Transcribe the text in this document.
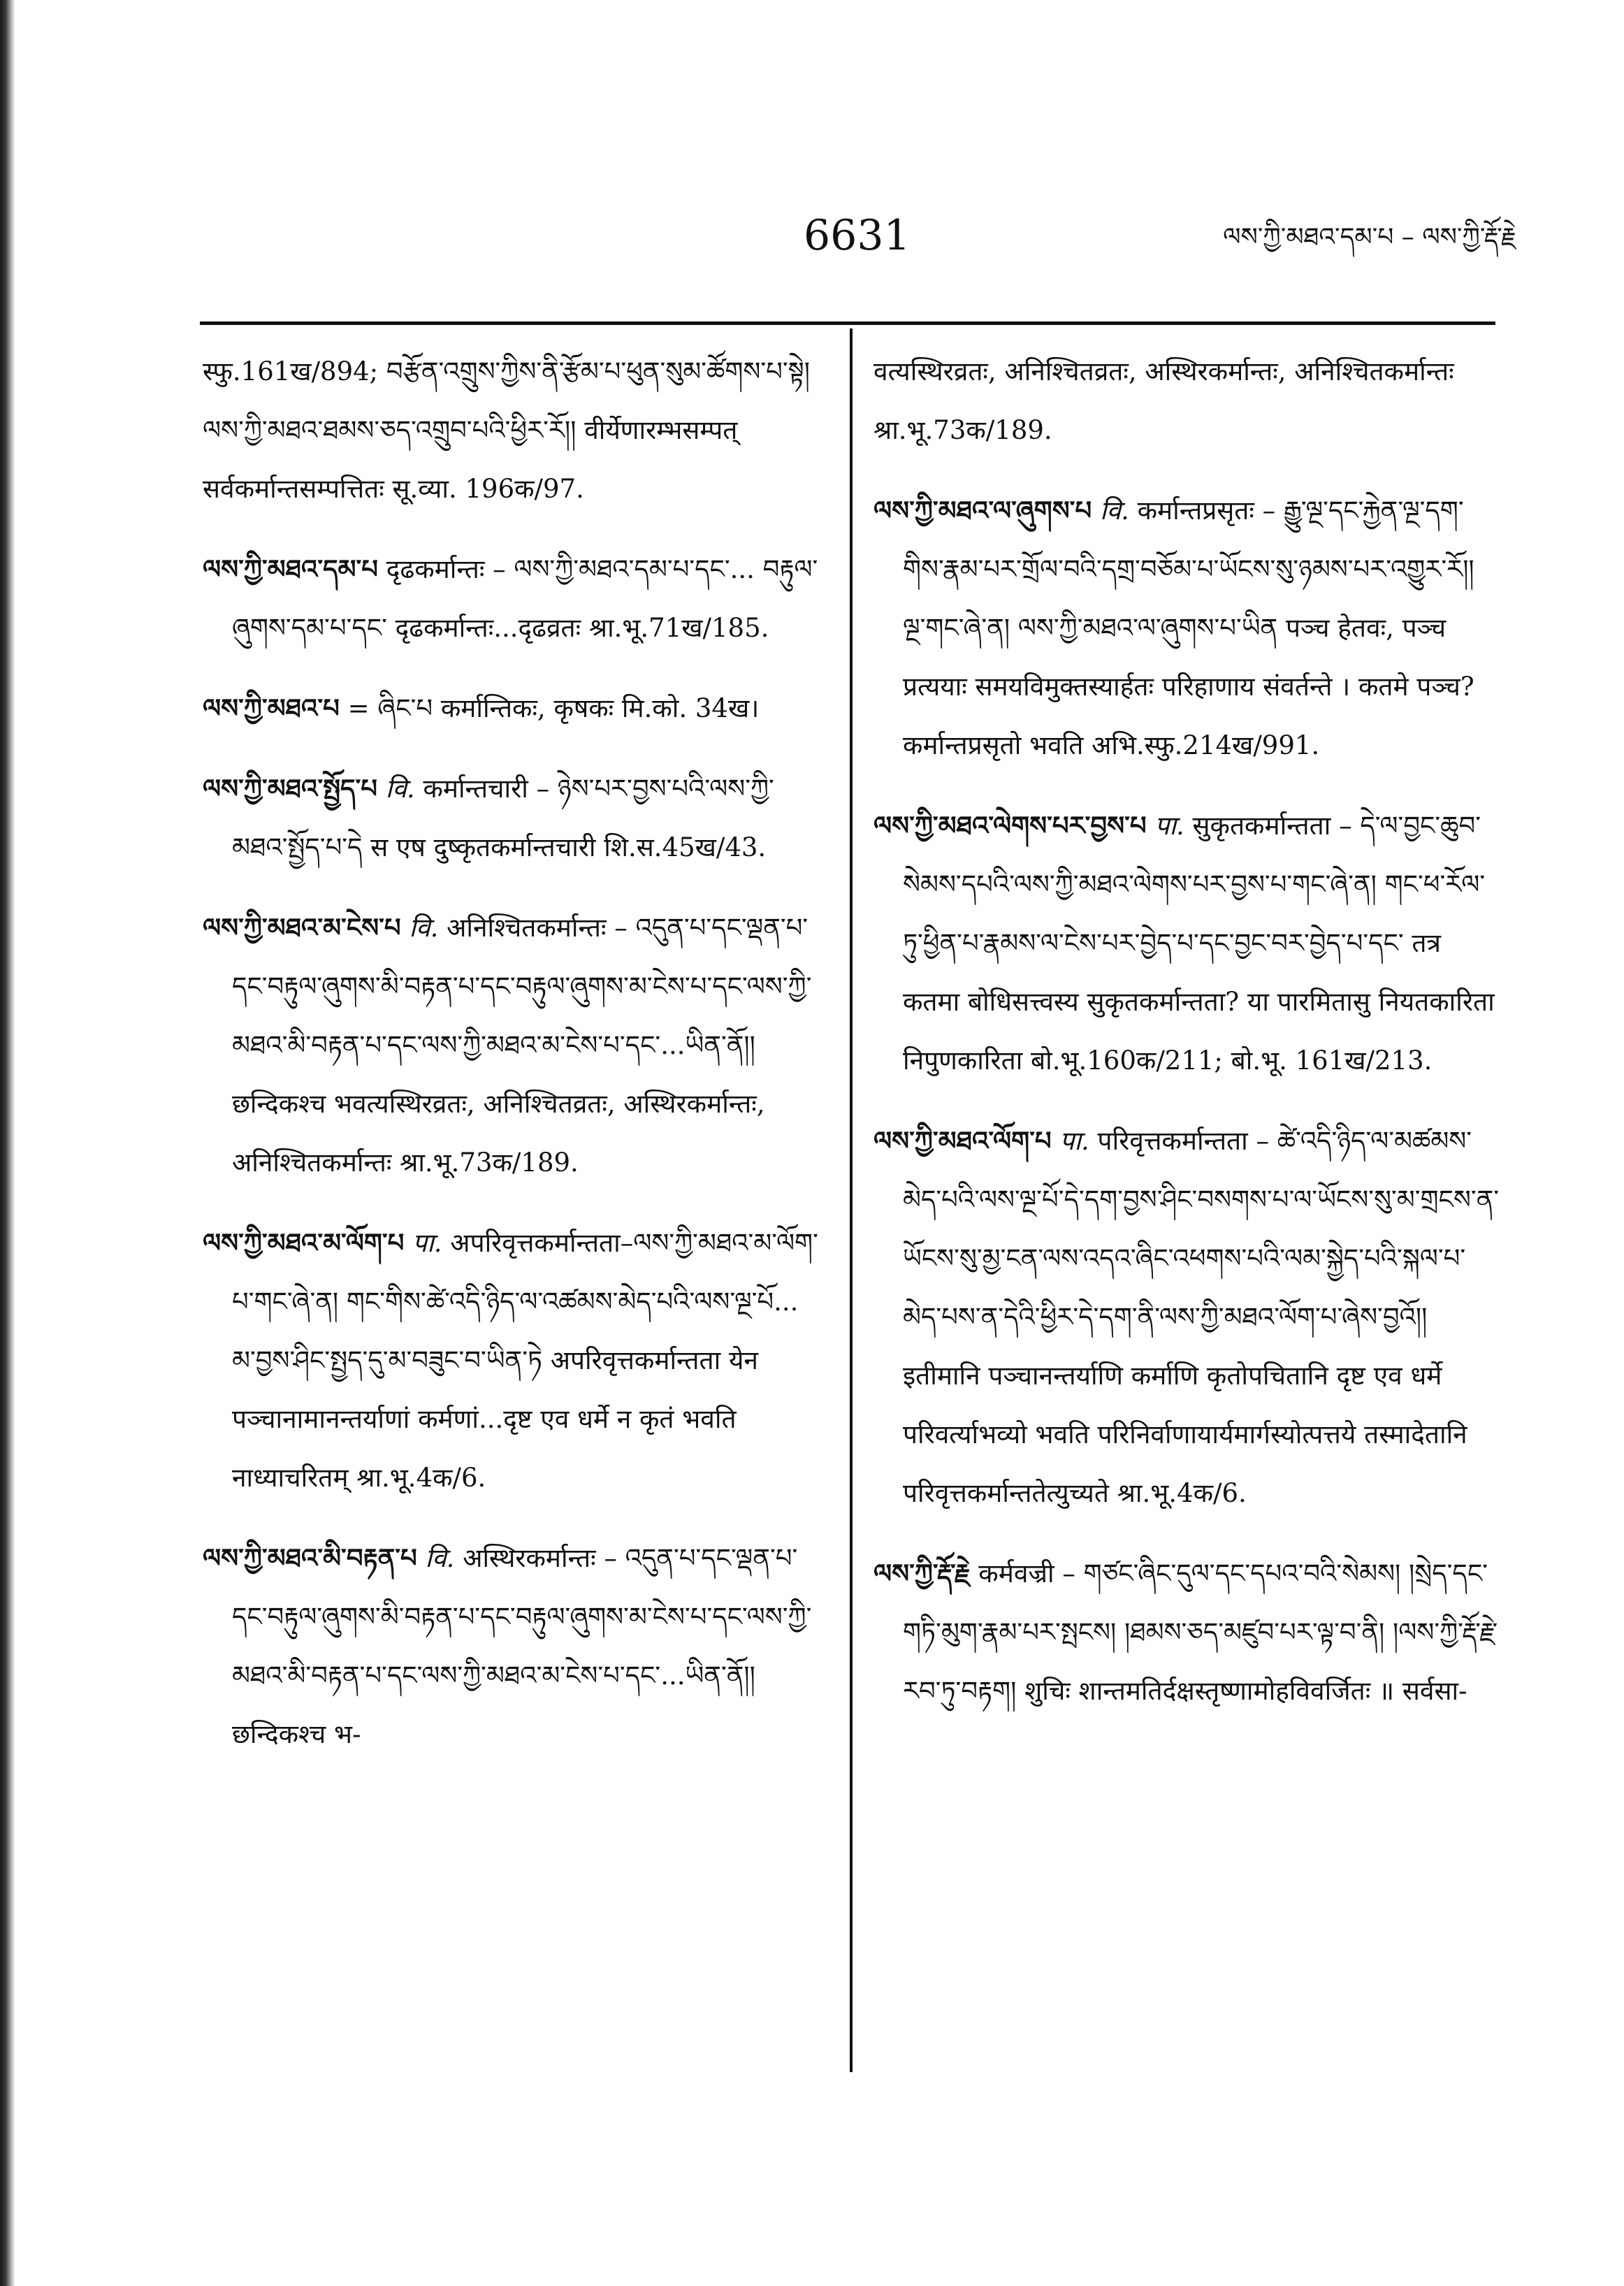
6631	ལས་ཀྱི་མཐའ་དམ་པ – ལས་ཀྱི་རྡོ་རྗེ

स्फु.161ख/894; བརྩོན་འགྲུས་ཀྱིས་ནི་རྩོམ་པ་ཕུན་སུམ་ཚོགས་པ་སྟེ། ལས་ཀྱི་མཐའ་ཐམས་ཅད་འགྲུབ་པའི་ཕྱིར་རོ།། वीर्येणारम्भसम्पत् सर्वकर्मान्तसम्पत्तितः सू.व्या. 196क/97.

ལས་ཀྱི་མཐའ་དམ་པ दृढकर्मान्तः – ལས་ཀྱི་མཐའ་དམ་པ་དང་... བརྟུལ་ཞུགས་དམ་པ་དང་ दृढकर्मान्तः...दृढव्रतः श्रा.भू.71ख/185.

ལས་ཀྱི་མཐའ་པ = ཞིང་པ कर्मान्तिकः, कृषकः मि.को. 34ख।

ལས་ཀྱི་མཐའ་སྤྱོད་པ वि. कर्मान्तचारी – ཉེས་པར་བྱས་པའི་ལས་ཀྱི་མཐའ་སྤྱོད་པ་དེ स एष दुष्कृतकर्मान्तचारी शि.स.45ख/43.

ལས་ཀྱི་མཐའ་མ་ངེས་པ वि. अनिश्चितकर्मान्तः – འདུན་པ་དང་ལྡན་པ་དང་བརྟུལ་ཞུགས་མི་བརྟན་པ་དང་བརྟུལ་ཞུགས་མ་ངེས་པ་དང་ལས་ཀྱི་མཐའ་མི་བརྟན་པ་དང་ལས་ཀྱི་མཐའ་མ་ངེས་པ་དང་...ཡིན་ནོ།། छन्दिकश्च भवत्यस्थिरव्रतः, अनिश्चितव्रतः, अस्थिरकर्मान्तः, अनिश्चितकर्मान्तः श्रा.भू.73क/189.

ལས་ཀྱི་མཐའ་མ་ལོག་པ पा. अपरिवृत्तकर्मान्तता–ལས་ཀྱི་མཐའ་མ་ལོག་པ་གང་ཞེ་ན། གང་གིས་ཚེ་འདི་ཉིད་ལ་འཚམས་མེད་པའི་ལས་ལྔ་པོ... མ་བྱས་ཤིང་སྤྱད་དུ་མ་བཟུང་བ་ཡིན་ཏེ अपरिवृत्तकर्मान्तता येन पञ्चानामानन्तर्याणां कर्मणां...दृष्ट एव धर्मे न कृतं भवति नाध्याचरितम् श्रा.भू.4क/6.

ལས་ཀྱི་མཐའ་མི་བརྟན་པ वि. अस्थिरकर्मान्तः – འདུན་པ་དང་ལྡན་པ་དང་བརྟུལ་ཞུགས་མི་བརྟན་པ་དང་བརྟུལ་ཞུགས་མ་ངེས་པ་དང་ལས་ཀྱི་མཐའ་མི་བརྟན་པ་དང་ལས་ཀྱི་མཐའ་མ་ངེས་པ་དང་...ཡིན་ནོ།། छन्दिकश्च भ-

वत्यस्थिरव्रतः, अनिश्चितव्रतः, अस्थिरकर्मान्तः, अनिश्चितकर्मान्तः श्रा.भू.73क/189.

ལས་ཀྱི་མཐའ་ལ་ཞུགས་པ वि. कर्मान्तप्रसृतः – རྒྱུ་ལྔ་དང་རྐྱེན་ལྔ་དག་གིས་རྣམ་པར་གྲོལ་བའི་དགྲ་བཅོམ་པ་ཡོངས་སུ་ཉམས་པར་འགྱུར་རོ།། ལྔ་གང་ཞེ་ན། ལས་ཀྱི་མཐའ་ལ་ཞུགས་པ་ཡིན पञ्च हेतवः, पञ्च प्रत्ययाः समयविमुक्तस्यार्हतः परिहाणाय संवर्तन्ते । कतमे पञ्च? कर्मान्तप्रसृतो भवति अभि.स्फु.214ख/991.

ལས་ཀྱི་མཐའ་ལེགས་པར་བྱས་པ पा. सुकृतकर्मान्तता – དེ་ལ་བྱང་ཆུབ་སེམས་དཔའི་ལས་ཀྱི་མཐའ་ལེགས་པར་བྱས་པ་གང་ཞེ་ན། གང་ཕ་རོལ་ཏུ་ཕྱིན་པ་རྣམས་ལ་ངེས་པར་བྱེད་པ་དང་བྱང་བར་བྱེད་པ་དང་ तत्र कतमा बोधिसत्त्वस्य सुकृतकर्मान्तता? या पारमितासु नियतकारिता निपुणकारिता बो.भू.160क/211; बो.भू. 161ख/213.

ལས་ཀྱི་མཐའ་ལོག་པ पा. परिवृत्तकर्मान्तता – ཚེ་འདི་ཉིད་ལ་མཚམས་མེད་པའི་ལས་ལྔ་པོ་དེ་དག་བྱས་ཤིང་བསགས་པ་ལ་ཡོངས་སུ་མ་གྲངས་ན་ཡོངས་སུ་མྱ་ངན་ལས་འདའ་ཞིང་འཕགས་པའི་ལམ་སྐྱེད་པའི་སྐལ་པ་མེད་པས་ན་དེའི་ཕྱིར་དེ་དག་ནི་ལས་ཀྱི་མཐའ་ལོག་པ་ཞེས་བྱའོ།། इतीमानि पञ्चानन्तर्याणि कर्माणि कृतोपचितानि दृष्ट एव धर्मे परिवर्त्याभव्यो भवति परिनिर्वाणायार्यमार्गस्योत्पत्तये तस्मादेतानि परिवृत्तकर्मान्ततेत्युच्यते श्रा.भू.4क/6.

ལས་ཀྱི་རྡོ་རྗེ कर्मवज्री – གཙང་ཞིང་དུལ་དང་དཔའ་བའི་སེམས། །སྲེད་དང་གཏི་མུག་རྣམ་པར་སྤངས། །ཐམས་ཅད་མཛུབ་པར་ལྟ་བ་ནི། །ལས་ཀྱི་རྡོ་རྗེ་རབ་ཏུ་བརྟག། शुचिः शान्तमतिर्दक्षस्तृष्णामोहविवर्जितः ॥ सर्वसा-
